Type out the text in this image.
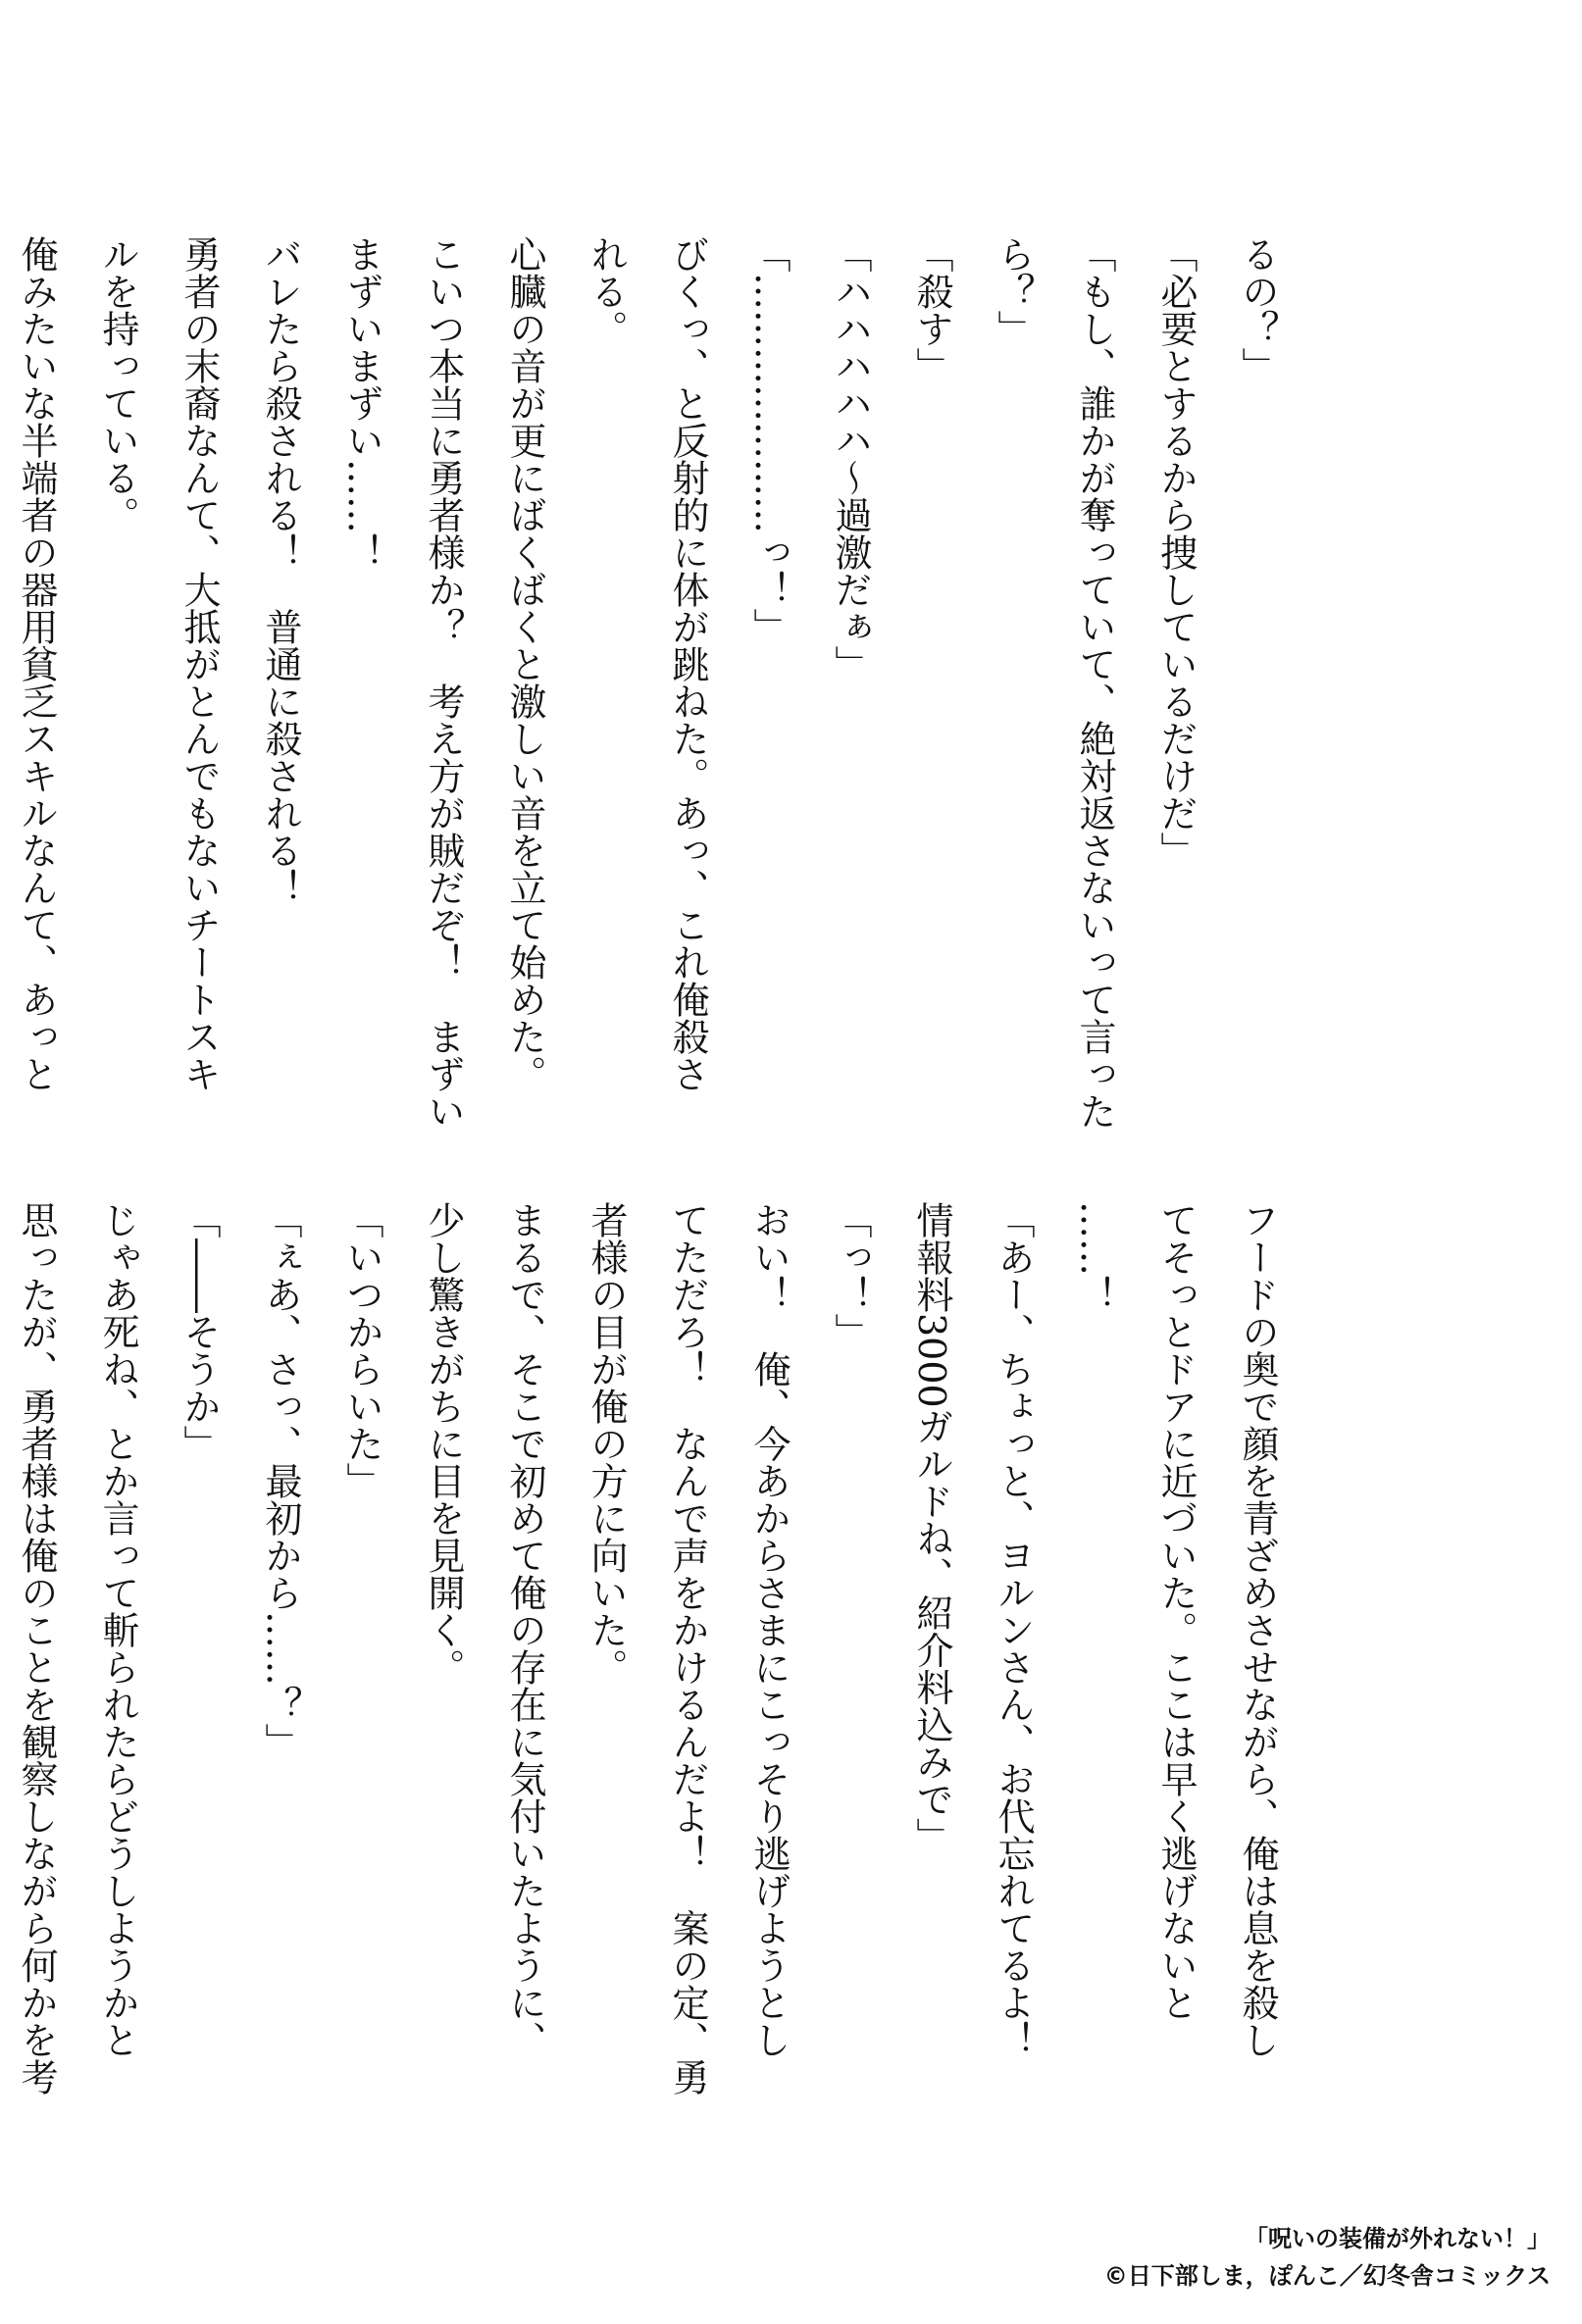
るの？」
「必要とするから捜しているだけだ」
「もし、誰かが奪っていて、絶対返さないって言った
ら？」
「殺す」
「ハハハハハ～過激だぁ」
「…………………っ！」
びくっ、と反射的に体が跳ねた。あっ、これ俺殺さ
れる。
心臓の音が更にばくばくと激しい音を立て始めた。
こいつ本当に勇者様か？　考え方が賊だぞ！　まずい
まずいまずい……！
バレたら殺される！　普通に殺される！
勇者の末裔なんて、大抵がとんでもないチートスキ
ルを持っている。
俺みたいな半端者の器用貧乏スキルなんて、あっと
フードの奥で顔を青ざめさせながら、俺は息を殺し
てそっとドアに近づいた。ここは早く逃げないと
……！
「あー、ちょっと、ヨルンさん、お代忘れてるよ！
情報料3000ガルドね、紹介料込みで」
「っ！」
おい！　俺、今あからさまにこっそり逃げようとし
てただろ！　なんで声をかけるんだよ！　案の定、勇
者様の目が俺の方に向いた。
まるで、そこで初めて俺の存在に気付いたように、
少し驚きがちに目を見開く。
「いつからいた」
「ぇあ、さっ、最初から……？」
「――そうか」
じゃあ死ね、とか言って斬られたらどうしようかと
思ったが、勇者様は俺のことを観察しながら何かを考
「呪いの装備が外れない！」
©日下部しま，ぽんこ／幻冬舎コミックス
